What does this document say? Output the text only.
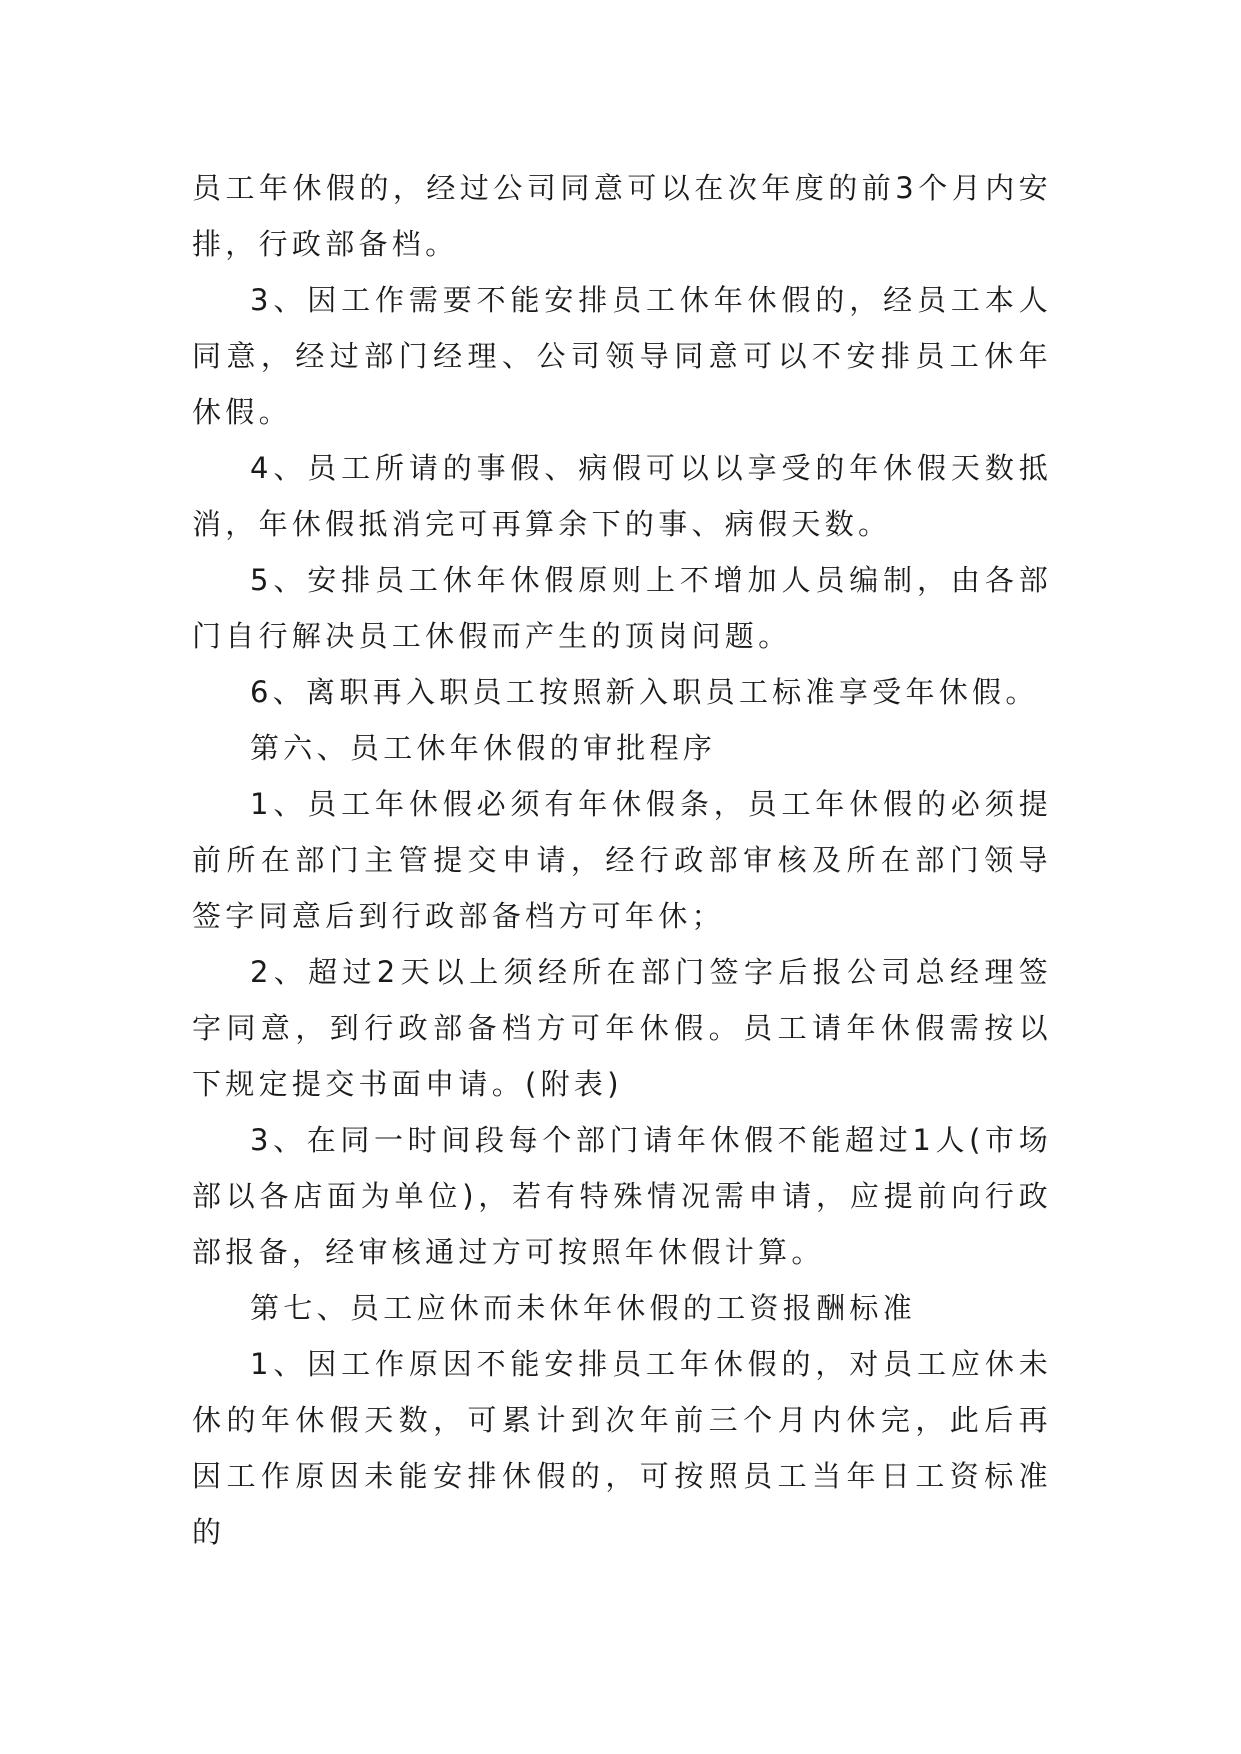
员工年休假的，经过公司同意可以在次年度的前3个月内安排，行政部备档。

3、因工作需要不能安排员工休年休假的，经员工本人同意，经过部门经理、公司领导同意可以不安排员工休年休假。

4、员工所请的事假、病假可以以享受的年休假天数抵消，年休假抵消完可再算余下的事、病假天数。

5、安排员工休年休假原则上不增加人员编制，由各部门自行解决员工休假而产生的顶岗问题。

6、离职再入职员工按照新入职员工标准享受年休假。

第六、员工休年休假的审批程序

1、员工年休假必须有年休假条，员工年休假的必须提前所在部门主管提交申请，经行政部审核及所在部门领导签字同意后到行政部备档方可年休；

2、超过2天以上须经所在部门签字后报公司总经理签字同意，到行政部备档方可年休假。员工请年休假需按以下规定提交书面申请。(附表)

3、在同一时间段每个部门请年休假不能超过1人(市场部以各店面为单位)，若有特殊情况需申请，应提前向行政部报备，经审核通过方可按照年休假计算。

第七、员工应休而未休年休假的工资报酬标准

1、因工作原因不能安排员工年休假的，对员工应休未休的年休假天数，可累计到次年前三个月内休完，此后再因工作原因未能安排休假的，可按照员工当年日工资标准的
